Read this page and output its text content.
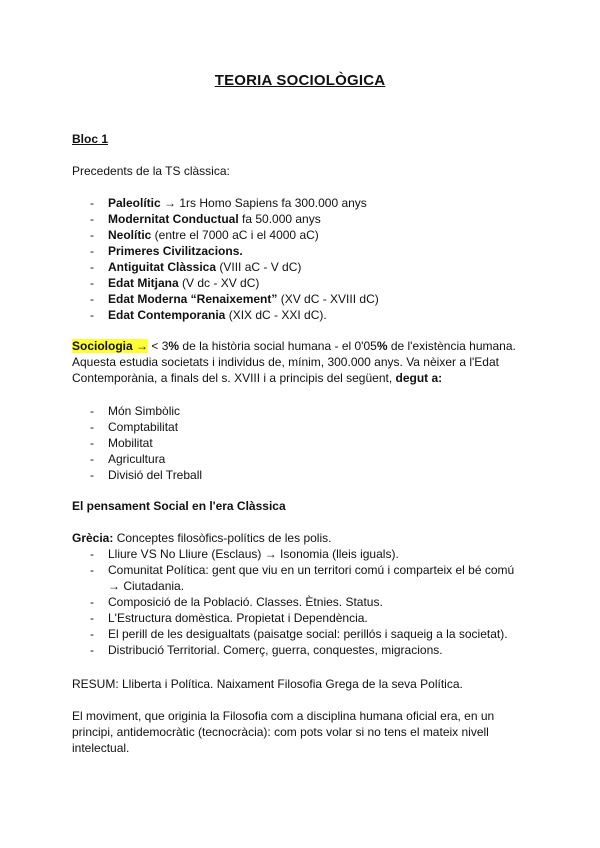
TEORIA SOCIOLÒGICA
Bloc 1
Precedents de la TS clàssica:
- Paleolític → 1rs Homo Sapiens fa 300.000 anys
- Modernitat Conductual fa 50.000 anys
- Neolític (entre el 7000 aC i el 4000 aC)
- Primeres Civilitzacions.
- Antiguitat Clàssica (VIII aC - V dC)
- Edat Mitjana (V dc - XV dC)
- Edat Moderna “Renaixement” (XV dC - XVIII dC)
- Edat Contemporania (XIX dC - XXI dC).

Sociologia → < 3% de la història social humana - el 0'05% de l'existència humana. Aquesta estudia societats i individus de, mínim, 300.000 anys. Va nèixer a l'Edat Contemporània, a finals del s. XVIII i a principis del següent, degut a:

- Món Simbòlic
- Comptabilitat
- Mobilitat
- Agricultura
- Divisió del Treball
El pensament Social en l'era Clàssica
Grècia: Conceptes filosòfics-polítics de les polis.
- Lliure VS No Lliure (Esclaus) → Isonomia (lleis iguals).
- Comunitat Política: gent que viu en un territori comú i comparteix el bé comú → Ciutadania.
- Composició de la Població. Classes. Ètnies. Status.
- L'Estructura domèstica. Propietat i Dependència.
- El perill de les desigualtats (paisatge social: perillós i saqueig a la societat).
- Distribució Territorial. Comerç, guerra, conquestes, migracions.
RESUM: Lliberta i Política. Naixament Filosofia Grega de la seva Política.

El moviment, que originia la Filosofia com a disciplina humana oficial era, en un principi, antidemocràtic (tecnocràcia): com pots volar si no tens el mateix nivell intelectual.
